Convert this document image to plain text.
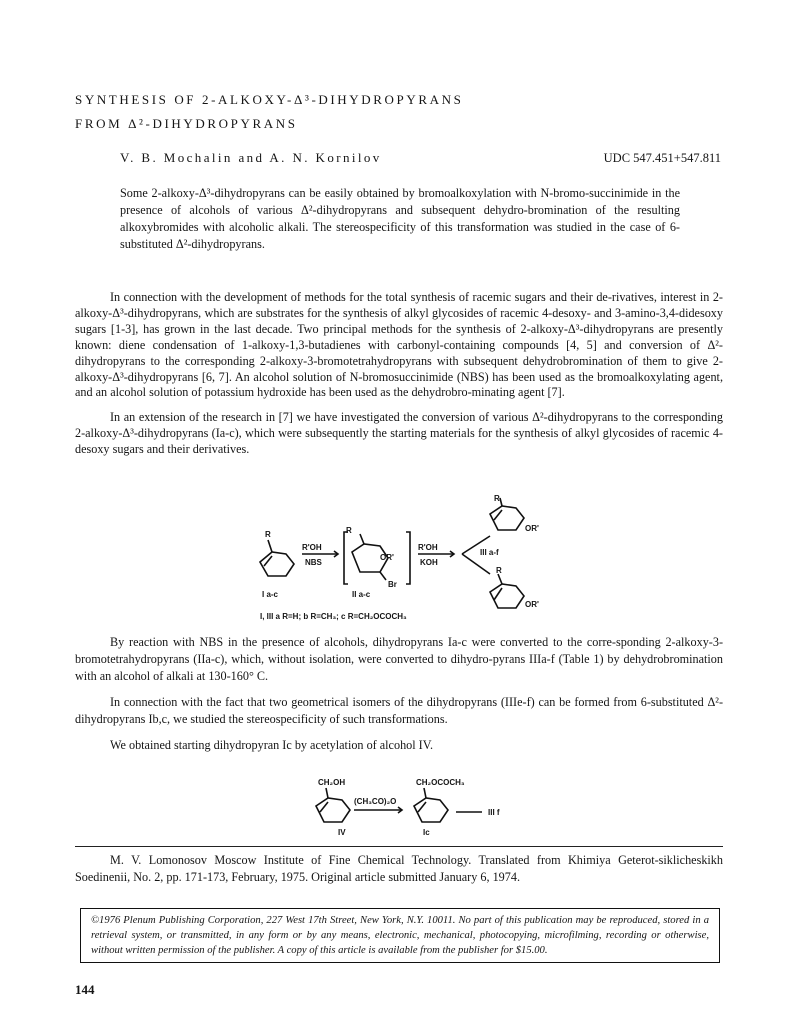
SYNTHESIS OF 2-ALKOXY-Δ³-DIHYDROPYRANS
FROM Δ²-DIHYDROPYRANS
V. B. Mochalin and A. N. Kornilov	UDC 547.451+547.811
Some 2-alkoxy-Δ³-dihydropyrans can be easily obtained by bromoalkoxylation with N-bromo-succinimide in the presence of alcohols of various Δ²-dihydropyrans and subsequent dehydro-bromination of the resulting alkoxybromides with alcoholic alkali. The stereospecificity of this transformation was studied in the case of 6-substituted Δ²-dihydropyrans.

In connection with the development of methods for the total synthesis of racemic sugars and their de-rivatives, interest in 2-alkoxy-Δ³-dihydropyrans, which are substrates for the synthesis of alkyl glycosides of racemic 4-desoxy- and 3-amino-3,4-didesoxy sugars [1-3], has grown in the last decade. Two principal methods for the synthesis of 2-alkoxy-Δ³-dihydropyrans are presently known: diene condensation of 1-alkoxy-1,3-butadienes with carbonyl-containing compounds [4, 5] and conversion of Δ²-dihydropyrans to the corresponding 2-alkoxy-3-bromotetrahydropyrans with subsequent dehydrobromination of them to give 2-alkoxy-Δ³-dihydropyrans [6, 7]. An alcohol solution of N-bromosuccinimide (NBS) has been used as the bromoalkoxylating agent, and an alcohol solution of potassium hydroxide has been used as the dehydrobro-minating agent [7].

In an extension of the research in [7] we have investigated the conversion of various Δ²-dihydropyrans to the corresponding 2-alkoxy-Δ³-dihydropyrans (Ia-c), which were subsequently the starting materials for the synthesis of alkyl glycosides of racemic 4-desoxy sugars and their derivatives.

R	R
R
R
R'OH
NBS
R'OH
KOH
OR'
Br
OR'
OR'
III a-f
I a-c	II a-c
I, III a R=H; b R=CH₃; c R=CH₂OCOCH₃

By reaction with NBS in the presence of alcohols, dihydropyrans Ia-c were converted to the corre-sponding 2-alkoxy-3-bromotetrahydropyrans (IIa-c), which, without isolation, were converted to dihydro-pyrans IIIa-f (Table 1) by dehydrobromination with an alcohol of alkali at 130-160° C.

In connection with the fact that two geometrical isomers of the dihydropyrans (IIIe-f) can be formed from 6-substituted Δ²-dihydropyrans Ib,c, we studied the stereospecificity of such transformations.

We obtained starting dihydropyran Ic by acetylation of alcohol IV.

CH₂OH	CH₂OCOCH₃
(CH₃CO)₂O
III f
IV	Ic

M. V. Lomonosov Moscow Institute of Fine Chemical Technology. Translated from Khimiya Geterot-siklicheskikh Soedinenii, No. 2, pp. 171-173, February, 1975. Original article submitted January 6, 1974.

©1976 Plenum Publishing Corporation, 227 West 17th Street, New York, N.Y. 10011. No part of this publication may be reproduced, stored in a retrieval system, or transmitted, in any form or by any means, electronic, mechanical, photocopying, microfilming, recording or otherwise, without written permission of the publisher. A copy of this article is available from the publisher for $15.00.
144
